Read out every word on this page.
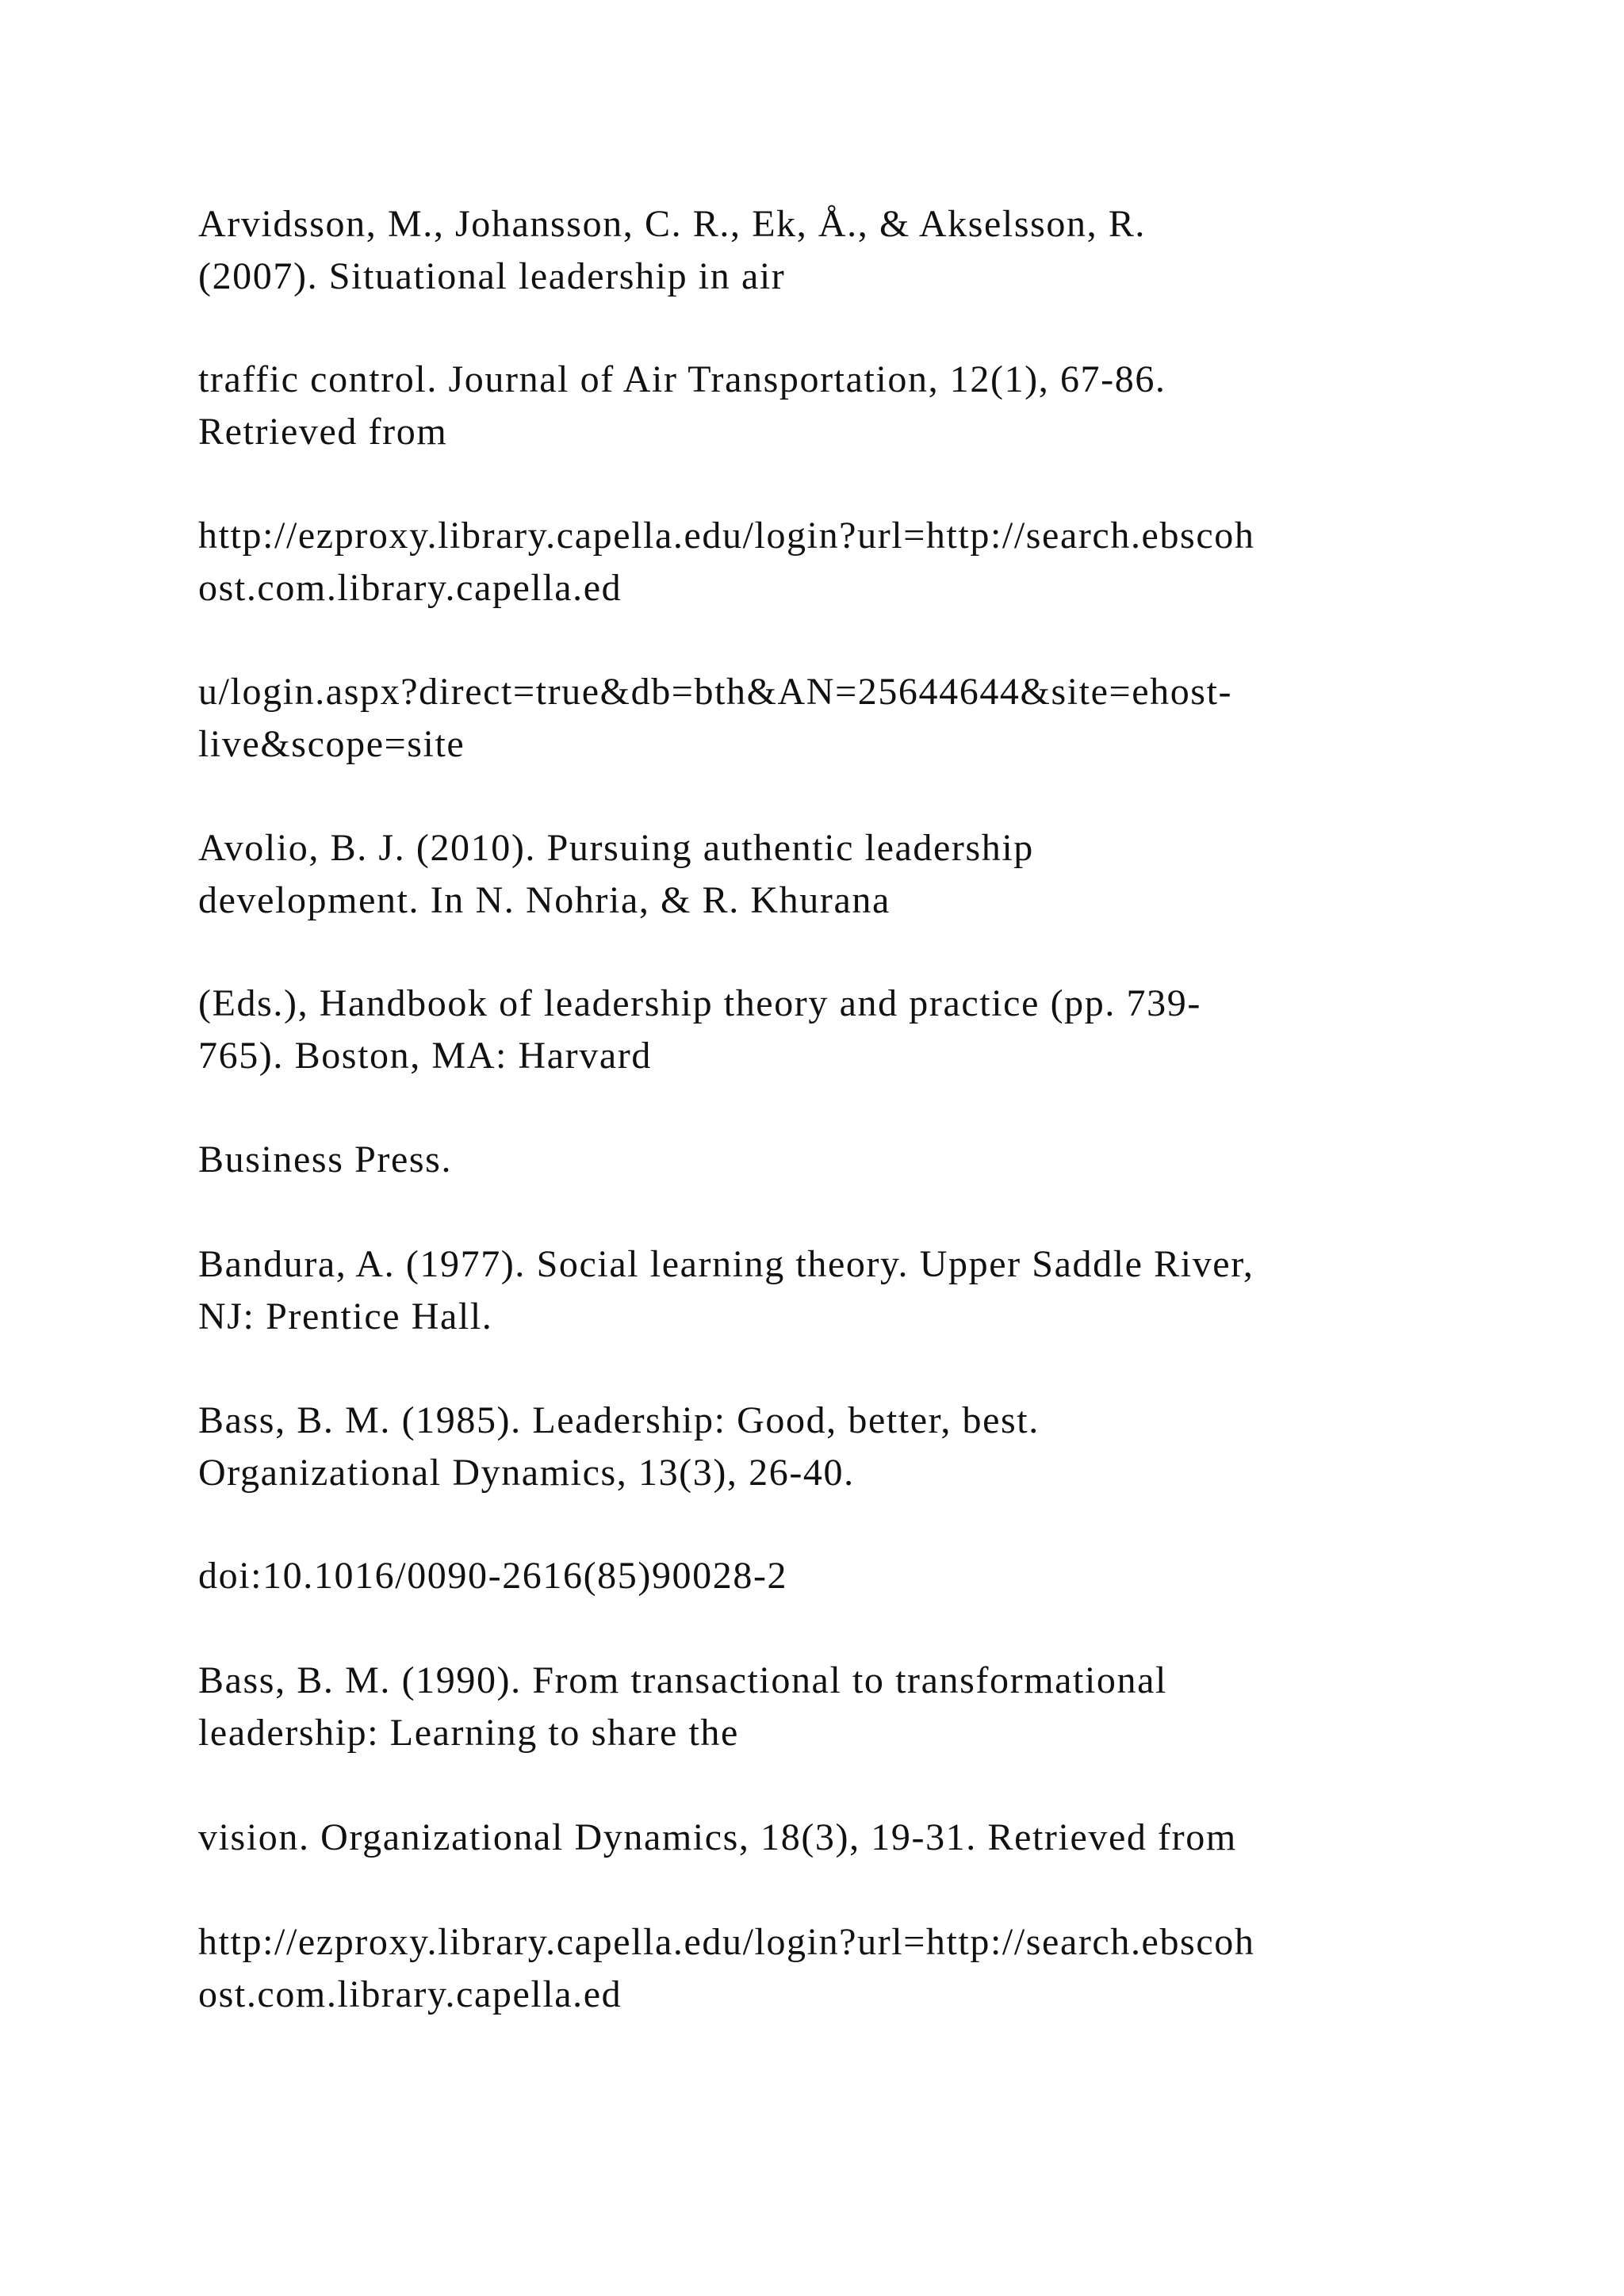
Arvidsson, M., Johansson, C. R., Ek, Å., & Akselsson, R.
(2007). Situational leadership in air

traffic control. Journal of Air Transportation, 12(1), 67-86.
Retrieved from

http://ezproxy.library.capella.edu/login?url=http://search.ebscoh
ost.com.library.capella.ed

u/login.aspx?direct=true&db=bth&AN=25644644&site=ehost-
live&scope=site

Avolio, B. J. (2010). Pursuing authentic leadership
development. In N. Nohria, & R. Khurana

(Eds.), Handbook of leadership theory and practice (pp. 739-
765). Boston, MA: Harvard

Business Press.

Bandura, A. (1977). Social learning theory. Upper Saddle River,
NJ: Prentice Hall.

Bass, B. M. (1985). Leadership: Good, better, best.
Organizational Dynamics, 13(3), 26-40.

doi:10.1016/0090-2616(85)90028-2

Bass, B. M. (1990). From transactional to transformational
leadership: Learning to share the

vision. Organizational Dynamics, 18(3), 19-31. Retrieved from

http://ezproxy.library.capella.edu/login?url=http://search.ebscoh
ost.com.library.capella.ed
